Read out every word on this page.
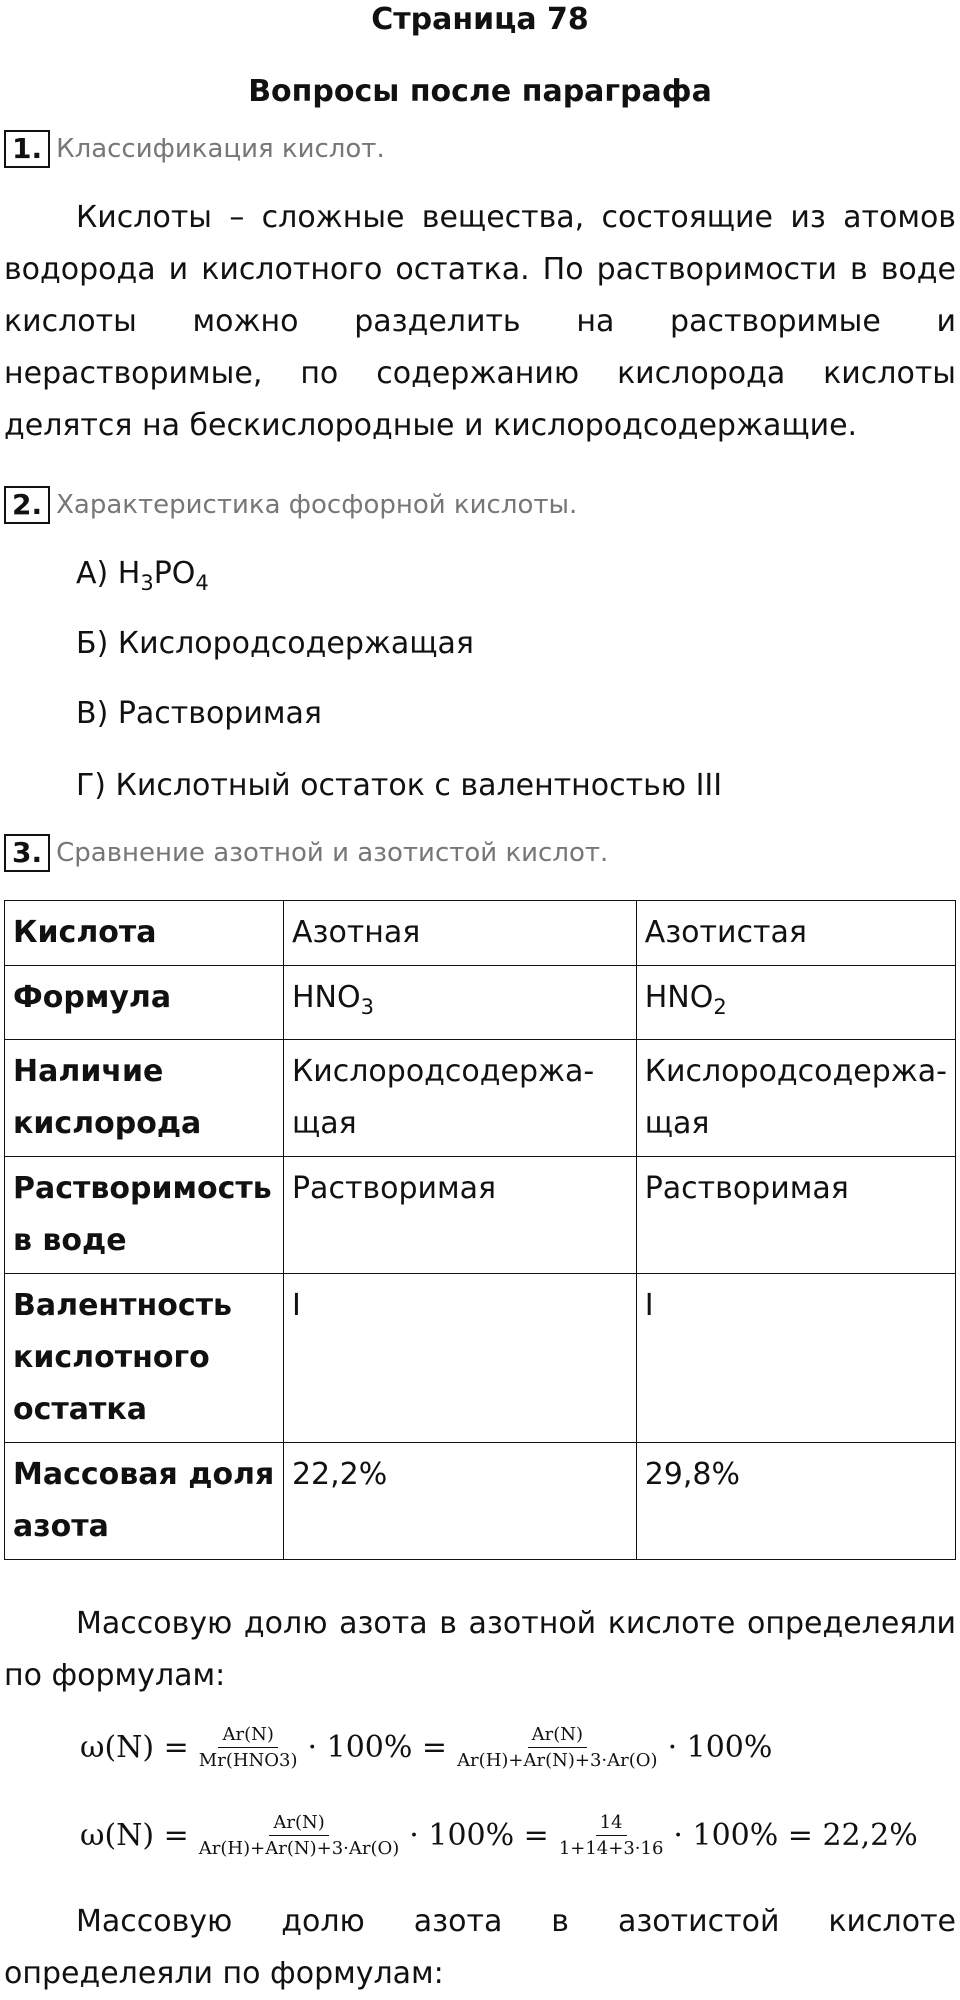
Страница 78
Вопросы после параграфа
1. Классификация кислот.
Кислоты – сложные вещества, состоящие из атомов водорода и кислотного остатка. По растворимости в воде кислоты можно разделить на растворимые и нерастворимые, по содержанию кислорода кислоты делятся на бескислородные и кислородсодержащие.
2. Характеристика фосфорной кислоты.
А) $H_3PO_4$
Б) Кислородсодержащая
В) Растворимая
Г) Кислотный остаток с валентностью III
3. Сравнение азотной и азотистой кислот.
Кислота	Азотная	Азотистая
Формула	$HNO_3$	$HNO_2$
Наличие кислорода	Кислородсодержа-щая	Кислородсодержа-щая
Растворимость в воде	Растворимая	Растворимая
Валентность кислотного остатка	I	I
Массовая доля азота	22,2%	29,8%
Массовую долю азота в азотной кислоте определеяли по формулам:
$\omega(N) = \frac{Ar(N)}{\text{Mr(HNO3)}} \cdot 100\% = \frac{Ar(N)}{Ar(H)+Ar(N)+3\cdot Ar(O)} \cdot 100\%$
$\omega(N) = \frac{Ar(N)}{Ar(H)+Ar(N)+3\cdot Ar(O)} \cdot 100\% = \frac{14}{1+14+3\cdot 16} \cdot 100\% = 22,2\%$
Массовую долю азота в азотистой кислоте определеяли по формулам:
